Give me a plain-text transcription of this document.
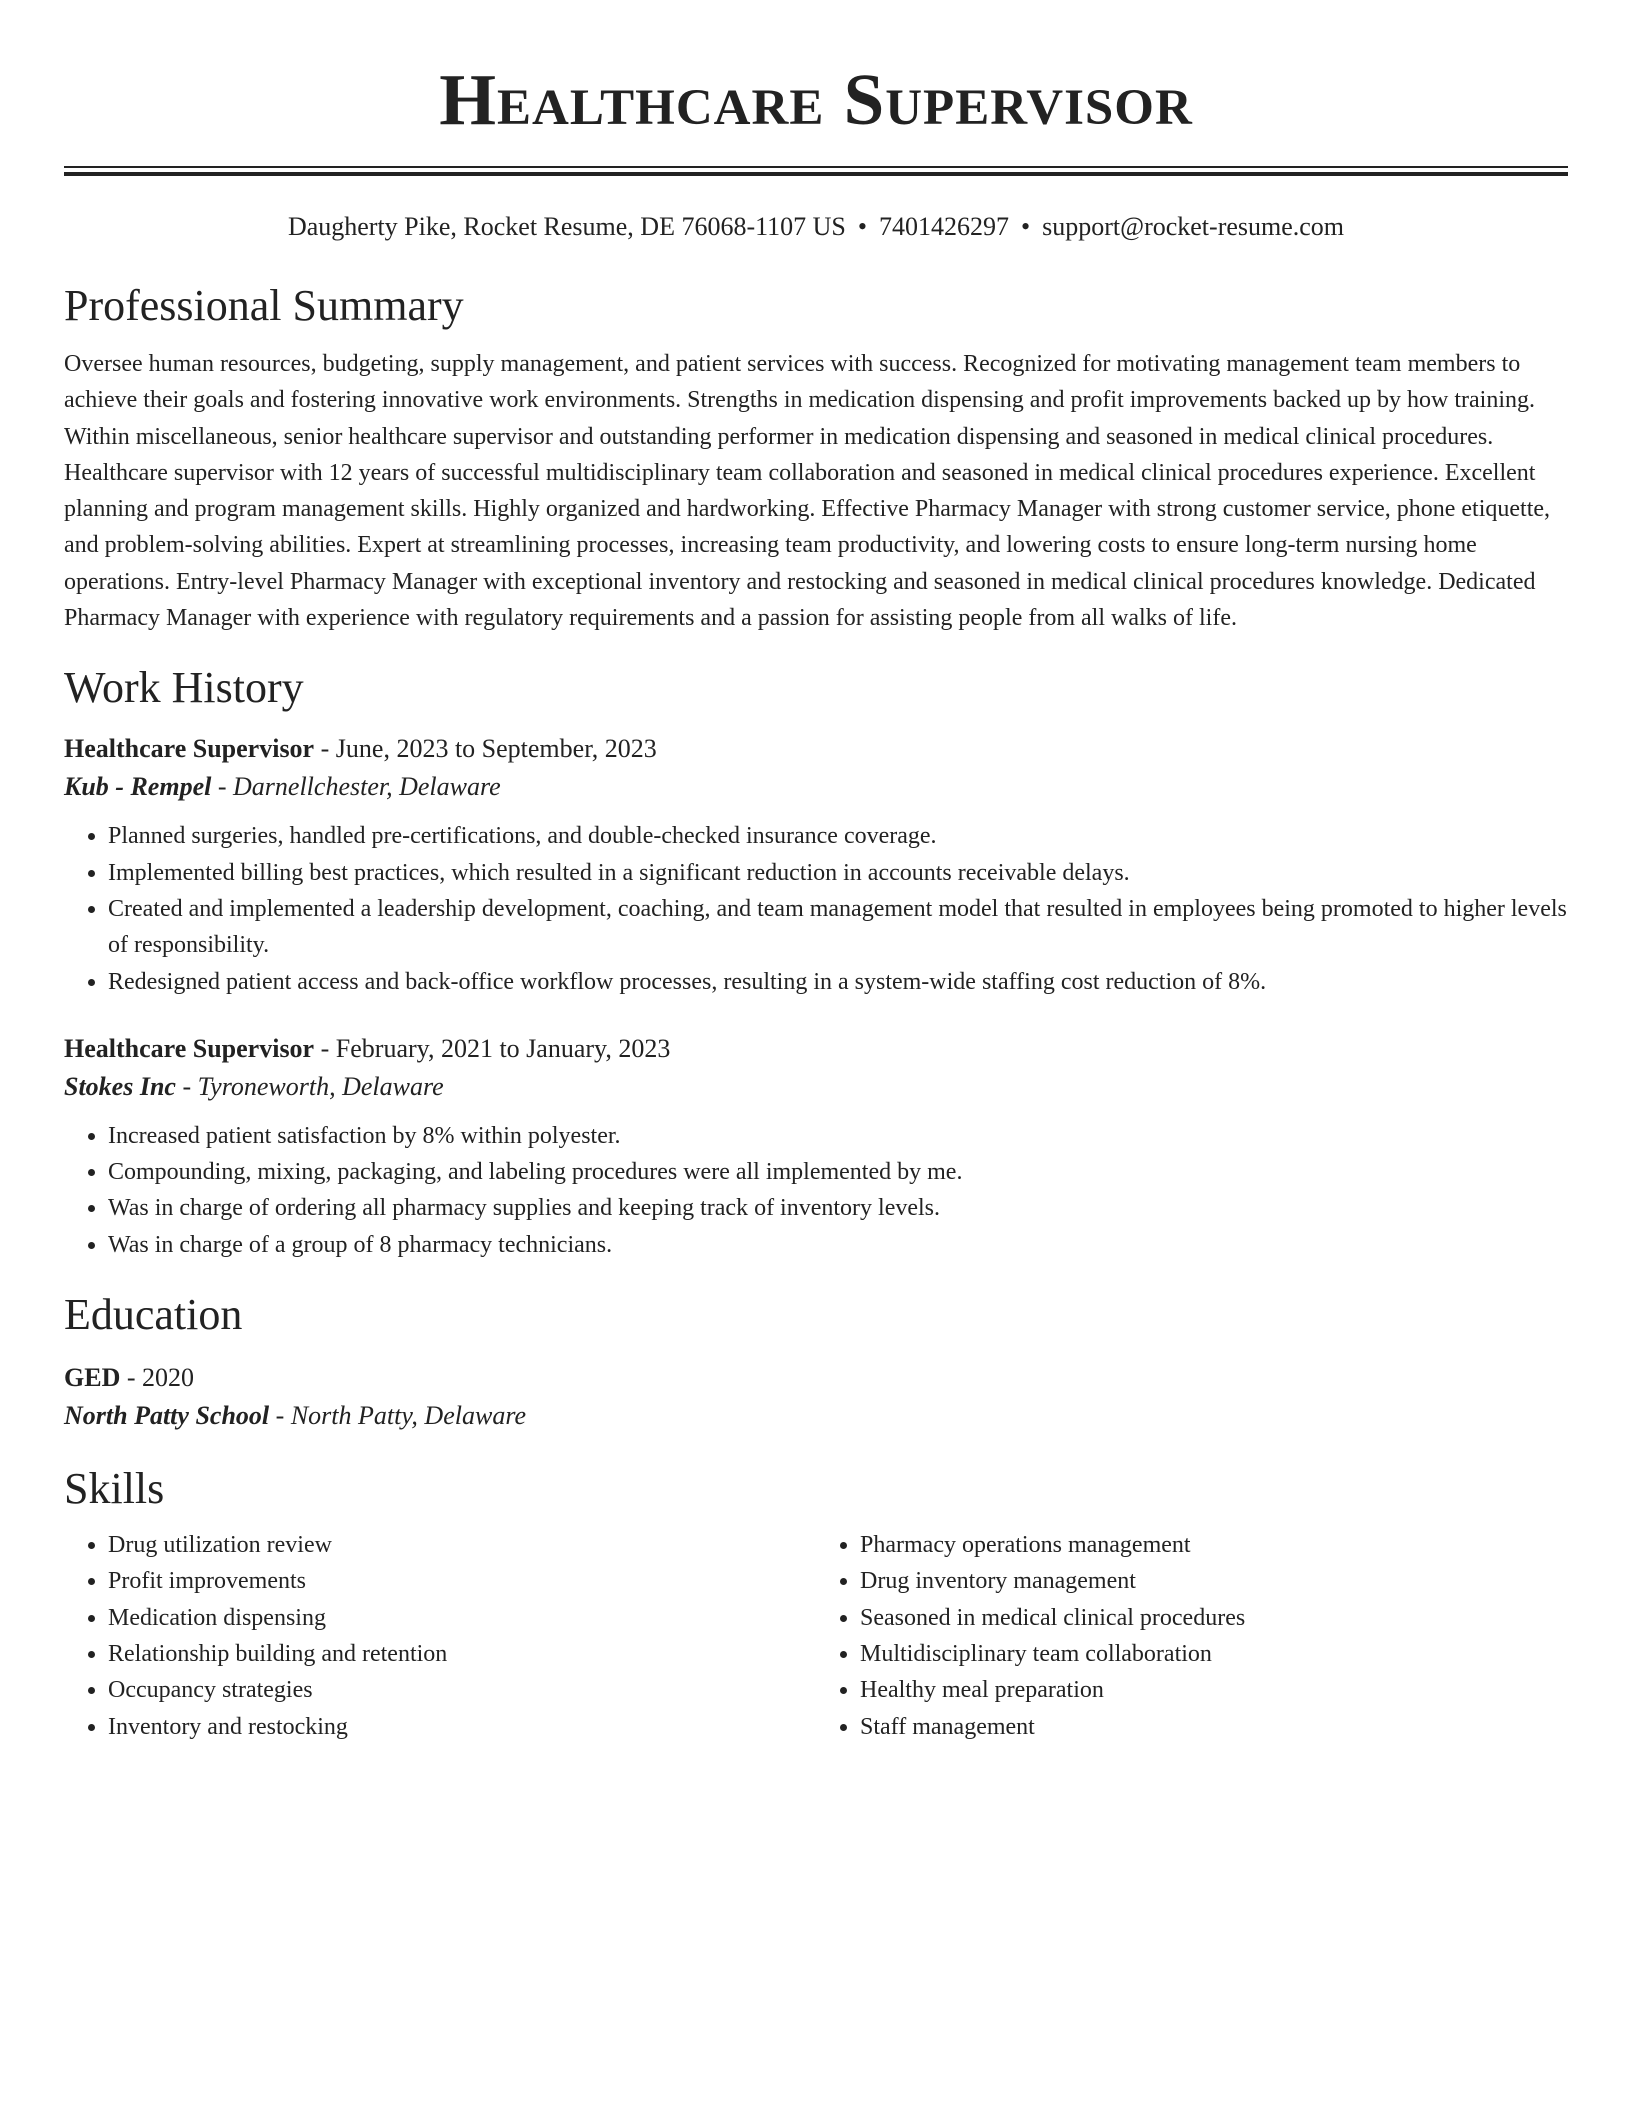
Healthcare Supervisor
Daugherty Pike, Rocket Resume, DE 76068-1107 US • 7401426297 • support@rocket-resume.com
Professional Summary
Oversee human resources, budgeting, supply management, and patient services with success. Recognized for motivating management team members to achieve their goals and fostering innovative work environments. Strengths in medication dispensing and profit improvements backed up by how training. Within miscellaneous, senior healthcare supervisor and outstanding performer in medication dispensing and seasoned in medical clinical procedures. Healthcare supervisor with 12 years of successful multidisciplinary team collaboration and seasoned in medical clinical procedures experience. Excellent planning and program management skills. Highly organized and hardworking. Effective Pharmacy Manager with strong customer service, phone etiquette, and problem-solving abilities. Expert at streamlining processes, increasing team productivity, and lowering costs to ensure long-term nursing home operations. Entry-level Pharmacy Manager with exceptional inventory and restocking and seasoned in medical clinical procedures knowledge. Dedicated Pharmacy Manager with experience with regulatory requirements and a passion for assisting people from all walks of life.
Work History
Healthcare Supervisor - June, 2023 to September, 2023
Kub - Rempel - Darnellchester, Delaware
• Planned surgeries, handled pre-certifications, and double-checked insurance coverage.
• Implemented billing best practices, which resulted in a significant reduction in accounts receivable delays.
• Created and implemented a leadership development, coaching, and team management model that resulted in employees being promoted to higher levels of responsibility.
• Redesigned patient access and back-office workflow processes, resulting in a system-wide staffing cost reduction of 8%.
Healthcare Supervisor - February, 2021 to January, 2023
Stokes Inc - Tyroneworth, Delaware
• Increased patient satisfaction by 8% within polyester.
• Compounding, mixing, packaging, and labeling procedures were all implemented by me.
• Was in charge of ordering all pharmacy supplies and keeping track of inventory levels.
• Was in charge of a group of 8 pharmacy technicians.
Education
GED - 2020
North Patty School - North Patty, Delaware
Skills
• Drug utilization review
• Profit improvements
• Medication dispensing
• Relationship building and retention
• Occupancy strategies
• Inventory and restocking
• Pharmacy operations management
• Drug inventory management
• Seasoned in medical clinical procedures
• Multidisciplinary team collaboration
• Healthy meal preparation
• Staff management
